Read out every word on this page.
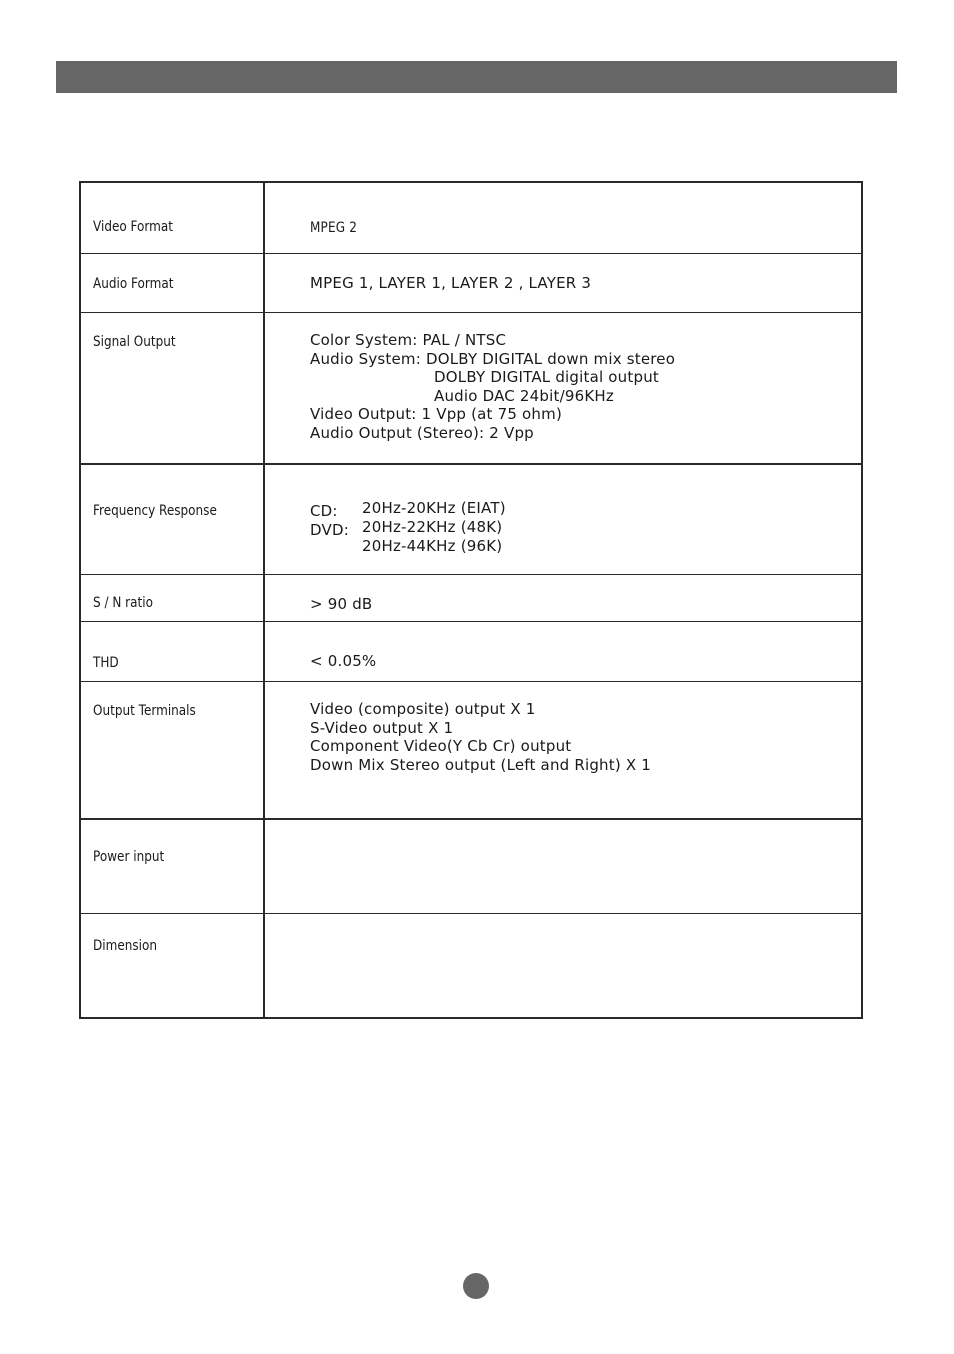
Video Format	MPEG 2
Audio Format	MPEG 1, LAYER 1, LAYER 2 , LAYER 3
Signal Output	Color System: PAL / NTSC
Audio System: DOLBY DIGITAL down mix stereo
DOLBY DIGITAL digital output
Audio DAC 24bit/96KHz
Video Output: 1 Vpp (at 75 ohm)
Audio Output (Stereo): 2 Vpp
Frequency Response	CD: 20Hz-20KHz (EIAT)
DVD: 20Hz-22KHz (48K)
20Hz-44KHz (96K)
S / N ratio	> 90 dB
THD	< 0.05%
Output Terminals	Video (composite) output X 1
S-Video output X 1
Component Video(Y Cb Cr) output
Down Mix Stereo output (Left and Right) X 1
Power input
Dimension
